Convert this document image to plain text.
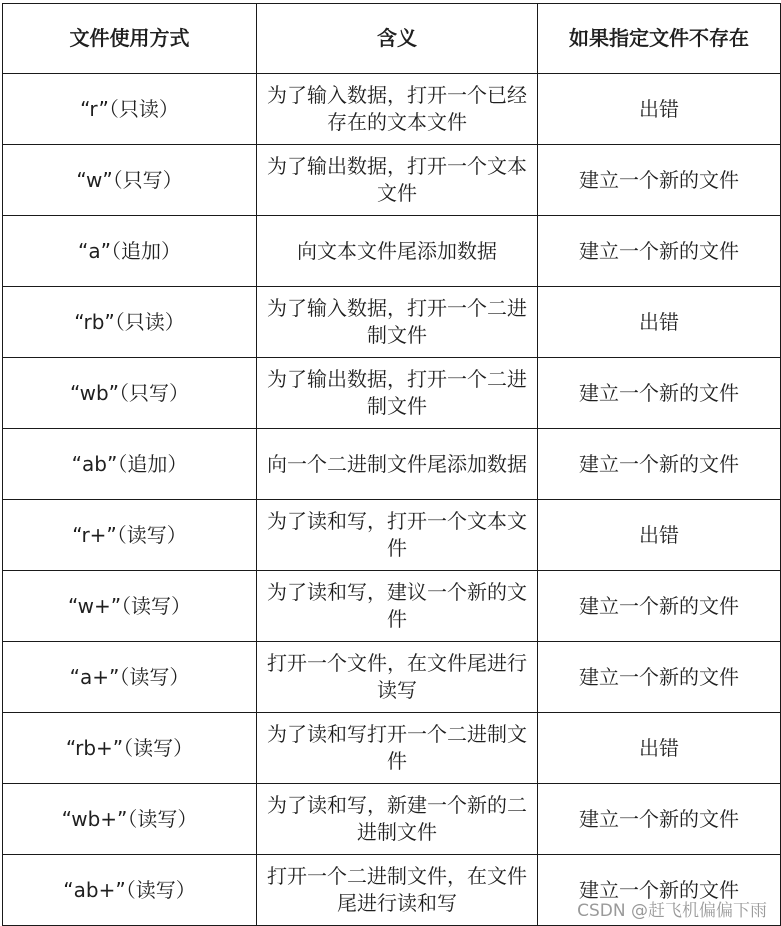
文件使用方式	含义	如果指定文件不存在
“r”（只读）	为了输入数据，打开一个已经存在的文本文件	出错
“w”（只写）	为了输出数据，打开一个文本文件	建立一个新的文件
“a”（追加）	向文本文件尾添加数据	建立一个新的文件
“rb”（只读）	为了输入数据，打开一个二进制文件	出错
“wb”（只写）	为了输出数据，打开一个二进制文件	建立一个新的文件
“ab”（追加）	向一个二进制文件尾添加数据	建立一个新的文件
“r+”（读写）	为了读和写，打开一个文本文件	出错
“w+”（读写）	为了读和写，建议一个新的文件	建立一个新的文件
“a+”（读写）	打开一个文件，在文件尾进行读写	建立一个新的文件
“rb+”（读写）	为了读和写打开一个二进制文件	出错
“wb+”（读写）	为了读和写，新建一个新的二进制文件	建立一个新的文件
“ab+”（读写）	打开一个二进制文件，在文件尾进行读和写	建立一个新的文件
CSDN @赶飞机偏偏下雨
